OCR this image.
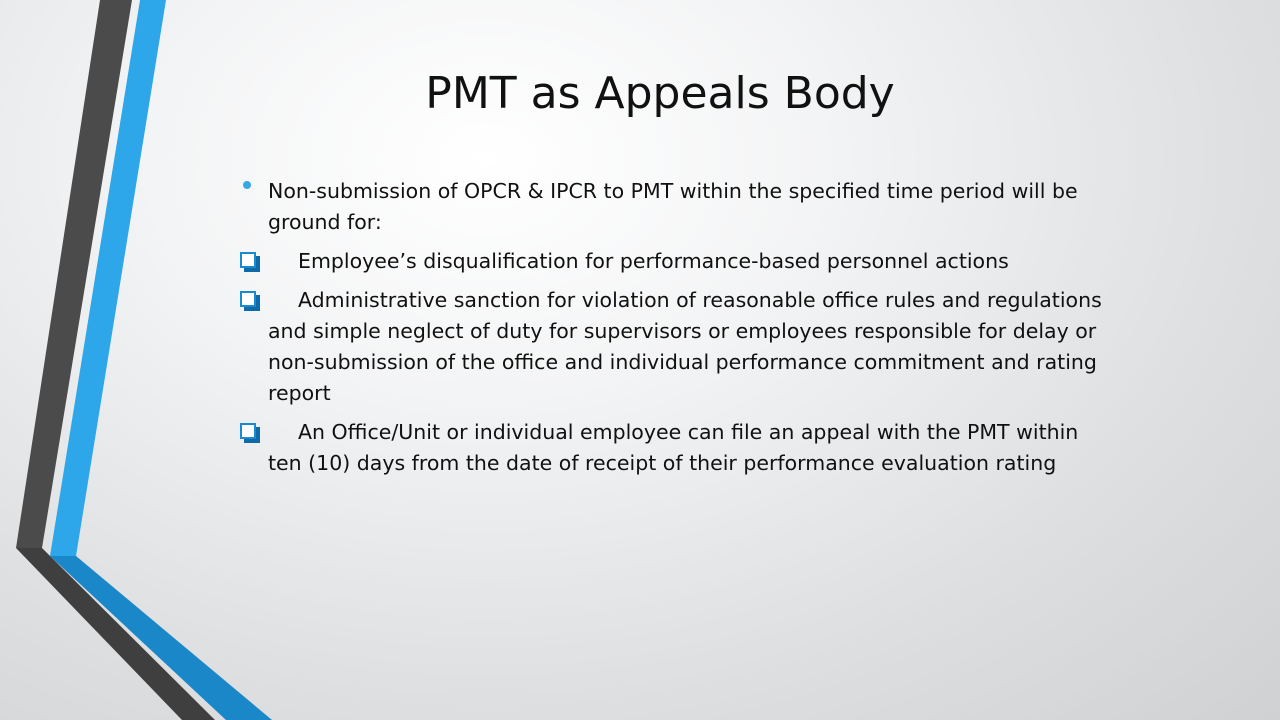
PMT as Appeals Body
Non-submission of OPCR & IPCR to PMT within the specified time period will be ground for:
Employee’s disqualification for performance-based personnel actions
Administrative sanction for violation of reasonable office rules and regulations and simple neglect of duty for supervisors or employees responsible for delay or non-submission of the office and individual performance commitment and rating report
An Office/Unit or individual employee can file an appeal with the PMT within ten (10) days from the date of receipt of their performance evaluation rating
